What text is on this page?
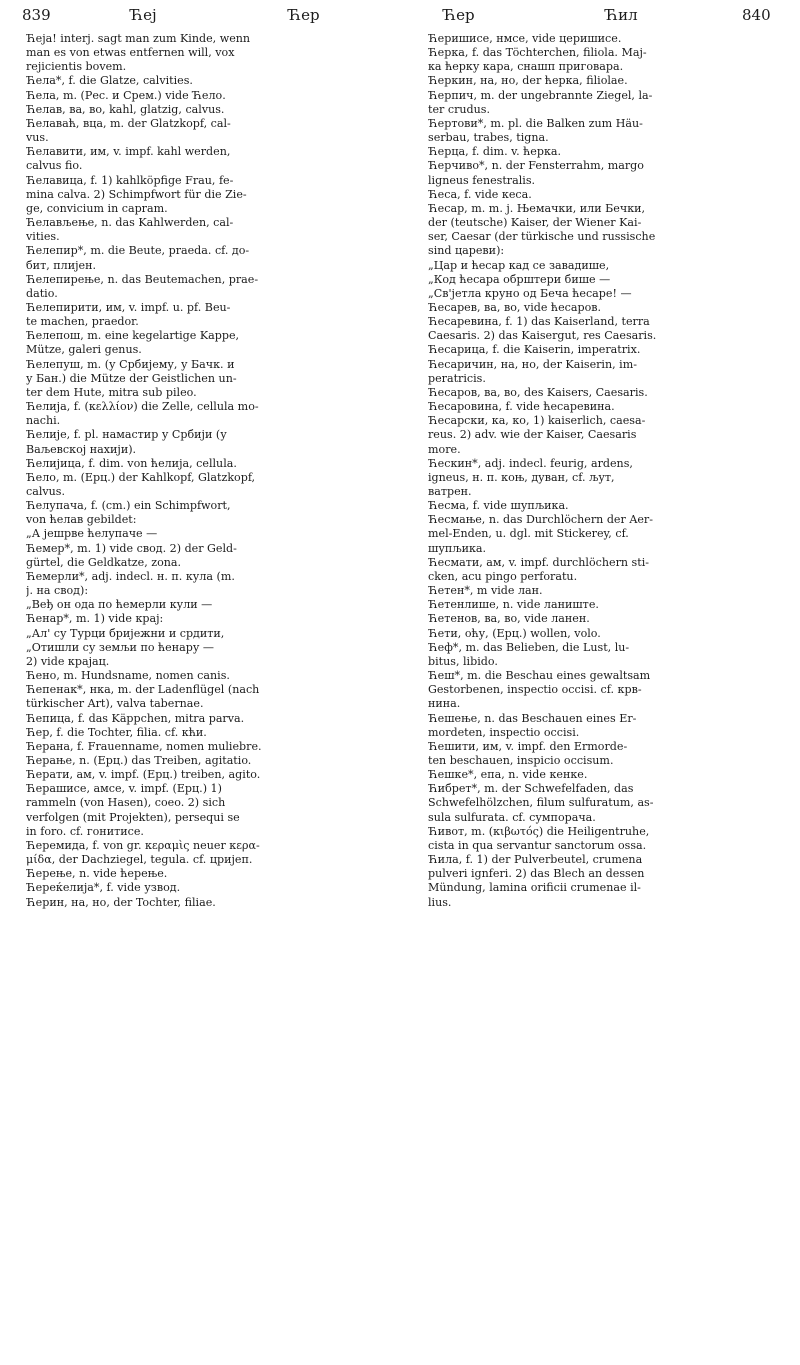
839	Ћеј	Ћер	Ћер	Ћил	840
Ћеја! interj. sagt man zum Kinde, wenn
man es von etwas entfernen will, vox
rejicientis bovem.
Ћела*, f. die Glatze, calvities.
Ћела, m. (Рес. и Срем.) vide Ћело.
Ћелав, ва, во, kahl, glatzig, calvus.
Ћелаваћ, вца, m. der Glatzkopf, cal-
vus.
Ћелавити, им, v. impf. kahl werden,
calvus fio.
Ћелавица, f. 1) kahlköpfige Frau, fe-
mina calva. 2) Schimpfwort für die Zie-
ge, convicium in capram.
Ћелављење, n. das Kahlwerden, cal-
vities.
Ћелепир*, m. die Beute, praeda. cf. до-
бит, плијен.
Ћелепирење, n. das Beutemachen, prae-
datio.
Ћелепирити, им, v. impf. u. pf. Beu-
te machen, praedor.
Ћелепош, m. eine kegelartige Kappe,
Mütze, galeri genus.
Ћелепуш, m. (у Србијему, у Бачк. и
у Бан.) die Mütze der Geistlichen un-
ter dem Hute, mitra sub pileo.
Ћелија, f. (κελλίον) die Zelle, cellula mo-
nachi.
Ћелије, f. pl. намастир у Србији (у
Ваљевској нахији).
Ћелијица, f. dim. von ћелија, cellula.
Ћело, m. (Ерц.) der Kahlkopf, Glatzkopf,
calvus.
Ћелупача, f. (cm.) ein Schimpfwort,
von ћелав gebildet:
„А јешрве ћелупаче —
Ћемер*, m. 1) vide свод. 2) der Geld-
gürtel, die Geldkatze, zona.
Ћемерли*, adj. indecl. н. п. кула (m.
j. на свод):
„Веђ он ода по ћемерли кули —
Ћенар*, m. 1) vide крај:
„Ал' су Турци бријежни и срдити,
„Отишли су земљи по ћенару —
2) vide крајац.
Ћено, m. Hundsname, nomen canis.
Ћепенак*, нка, m. der Ladenflügel (nach
türkischer Art), valva tabernae.
Ћепица, f. das Käppchen, mitra parva.
Ћер, f. die Tochter, filia. cf. кћи.
Ћерана, f. Frauenname, nomen muliebre.
Ћерање, n. (Ерц.) das Treiben, agitatio.
Ћерати, ам, v. impf. (Ерц.) treiben, agito.
Ћерашисе, амсе, v. impf. (Ерц.) 1)
rammeln (von Hasen), coeo. 2) sich
verfolgen (mit Projekten), persequi se
in foro. cf. гонитисе.
Ћеремида, f. von gr. κεραμὶς neuer κερα-
μίδα, der Dachziegel, tegula. cf. цријеп.
Ћерење, n. vide ћерење.
Ћереќелија*, f. vide узвод.
Ћерин, на, но, der Tochter, filiae.
Ћеришисе, нмсе, vide церишисе.
Ћерка, f. das Töchterchen, filiola. Мај-
ка ћерку кара, снашп приговара.
Ћеркин, на, но, der ћерка, filiolae.
Ћерпич, m. der ungebrannte Ziegel, la-
ter crudus.
Ћертови*, m. pl. die Balken zum Häu-
serbau, trabes, tigna.
Ћерца, f. dim. v. ћерка.
Ћерчиво*, n. der Fensterrahm, margo
ligneus fenestralis.
Ћеса, f. vide кеса.
Ћесар, m. m. j. Њемачки, или Бечки,
der (teutsche) Kaiser, der Wiener Kai-
ser, Caesar (der türkische und russische
sind цареви):
„Цар и ћесар кад се завадише,
„Код ћесара обрштери бише —
„Св'јетла круно од Беча ћесаре! —
Ћесарев, ва, во, vide ћесаров.
Ћесаревина, f. 1) das Kaiserland, terra
Caesaris. 2) das Kaisergut, res Caesaris.
Ћесарица, f. die Kaiserin, imperatrix.
Ћесаричин, на, но, der Kaiserin, im-
peratricis.
Ћесаров, ва, во, des Kaisers, Caesaris.
Ћесаровина, f. vide ћесаревина.
Ћесарски, ка, ко, 1) kaiserlich, caesa-
reus. 2) adv. wie der Kaiser, Caesaris
more.
Ћескин*, adj. indecl. feurig, ardens,
igneus, н. п. коњ, дуван, cf. љут,
ватрен.
Ћесма, f. vide шупљика.
Ћесмање, n. das Durchlöchern der Aer-
mel-Enden, u. dgl. mit Stickerey, cf.
шупљика.
Ћесмати, ам, v. impf. durchlöchern sti-
cken, acu pingo perforatu.
Ћетен*, m vide лан.
Ћетенлише, n. vide ланиште.
Ћетенов, ва, во, vide ланен.
Ћети, оћу, (Ерц.) wollen, volo.
Ћеф*, m. das Belieben, die Lust, lu-
bitus, libido.
Ћеш*, m. die Beschau eines gewaltsam
Gestorbenen, inspectio occisi. cf. крв-
нина.
Ћешење, n. das Beschauen eines Er-
mordeten, inspectio occisi.
Ћешити, им, v. impf. den Ermorde-
ten beschauen, inspicio occisum.
Ћешке*, епа, n. vide кенке.
Ћибрет*, m. der Schwefelfaden, das
Schwefelhölzchen, filum sulfuratum, as-
sula sulfurata. cf. сумпорача.
Ћивот, m. (κιβωτός) die Heiligentruhe,
cista in qua servantur sanctorum ossa.
Ћила, f. 1) der Pulverbeutel, crumena
pulveri ignferi. 2) das Blech an dessen
Mündung, lamina orificii crumenae il-
lius.
